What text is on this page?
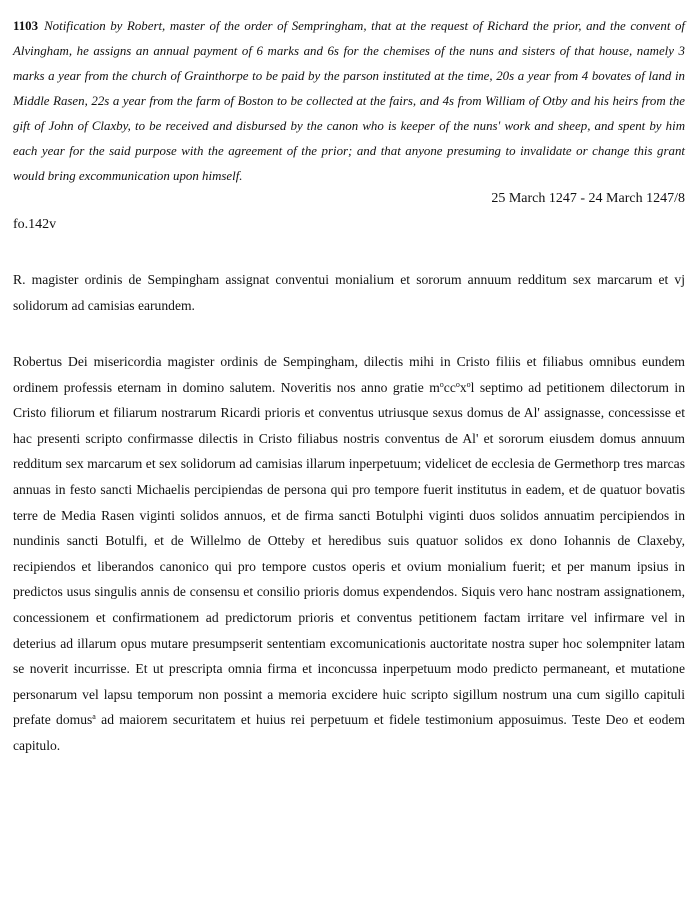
1103 Notification by Robert, master of the order of Sempringham, that at the request of Richard the prior, and the convent of Alvingham, he assigns an annual payment of 6 marks and 6s for the chemises of the nuns and sisters of that house, namely 3 marks a year from the church of Grainthorpe to be paid by the parson instituted at the time, 20s a year from 4 bovates of land in Middle Rasen, 22s a year from the farm of Boston to be collected at the fairs, and 4s from William of Otby and his heirs from the gift of John of Claxby, to be received and disbursed by the canon who is keeper of the nuns' work and sheep, and spent by him each year for the said purpose with the agreement of the prior; and that anyone presuming to invalidate or change this grant would bring excommunication upon himself.

25 March 1247 - 24 March 1247/8

fo.142v

R. magister ordinis de Sempingham assignat conventui monialium et sororum annuum redditum sex marcarum et vj solidorum ad camisias earundem.

Robertus Dei misericordia magister ordinis de Sempingham, dilectis mihi in Cristo filiis et filiabus omnibus eundem ordinem professis eternam in domino salutem. Noveritis nos anno gratie $m^occ^ox^ol$ septimo ad petitionem dilectorum in Cristo filiorum et filiarum nostrarum Ricardi prioris et conventus utriusque sexus domus de Al' assignasse, concessisse et hac presenti scripto confirmasse dilectis in Cristo filiabus nostris conventus de Al' et sororum eiusdem domus annuum redditum sex marcarum et sex solidorum ad camisias illarum inperpetuum; videlicet de ecclesia de Germethorp tres marcas annuas in festo sancti Michaelis percipiendas de persona qui pro tempore fuerit institutus in eadem, et de quatuor bovatis terre de Media Rasen viginti solidos annuos, et de firma sancti Botulphi viginti duos solidos annuatim percipiendos in nundinis sancti Botulfi, et de Willelmo de Otteby et heredibus suis quatuor solidos ex dono Iohannis de Claxeby, recipiendos et liberandos canonico qui pro tempore custos operis et ovium monialium fuerit; et per manum ipsius in predictos usus singulis annis de consensu et consilio prioris domus expendendos. Siquis vero hanc nostram assignationem, concessionem et confirmationem ad predictorum prioris et conventus petitionem factam irritare vel infirmare vel in deterius ad illarum opus mutare presumpserit sententiam excomunicationis auctoritate nostra super hoc solempniter latam se noverit incurrisse. Et ut prescripta omnia firma et inconcussa inperpetuum modo predicto permaneant, et mutatione personarum vel lapsu temporum non possint a memoria excidere huic scripto sigillum nostrum una cum sigillo capituli prefate domus$^a$ ad maiorem securitatem et huius rei perpetuum et fidele testimonium apposuimus. Teste Deo et eodem capitulo.
